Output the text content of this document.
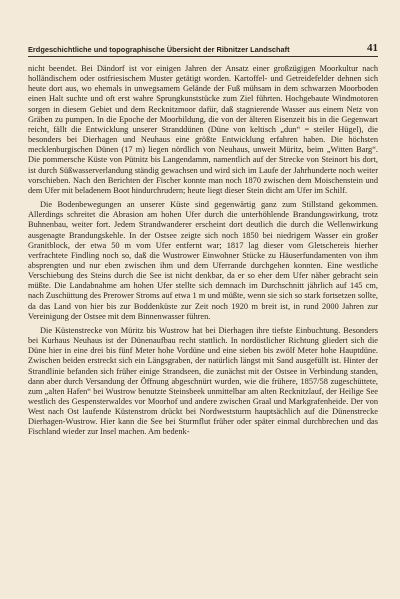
Erdgeschichtliche und topographische Übersicht der Ribnitzer Landschaft	41

nicht beendet. Bei Dändorf ist vor einigen Jahren der Ansatz einer großzügigen Moorkultur nach holländischem oder ostfriesischem Muster getätigt worden. Kartoffel- und Getreidefelder dehnen sich heute dort aus, wo ehemals in unwegsamem Gelände der Fuß mühsam in dem schwarzen Moorboden einen Halt suchte und oft erst wahre Sprungkunststücke zum Ziel führten. Hochgebaute Windmotoren sorgen in diesem Gebiet und dem Recknitzmoor dafür, daß stagnierende Wasser aus einem Netz von Gräben zu pumpen. In die Epoche der Moorbildung, die von der älteren Eisenzeit bis in die Gegenwart reicht, fällt die Entwicklung unserer Stranddünen (Düne von keltisch „dun“ = steiler Hügel), die besonders bei Dierhagen und Neuhaus eine größte Entwicklung erfahren haben. Die höchsten mecklenburgischen Dünen (17 m) liegen nördlich von Neuhaus, unweit Müritz, beim „Witten Barg“. Die pommersche Küste von Pütnitz bis Langendamm, namentlich auf der Strecke von Steinort bis dort, ist durch Süßwasserverlandung ständig gewachsen und wird sich im Laufe der Jahrhunderte noch weiter vorschieben. Nach den Berichten der Fischer konnte man noch 1870 zwischen dem Moischenstein und dem Ufer mit beladenem Boot hindurchrudern; heute liegt dieser Stein dicht am Ufer im Schilf.

Die Bodenbewegungen an unserer Küste sind gegenwärtig ganz zum Stillstand gekommen. Allerdings schreitet die Abrasion am hohen Ufer durch die unterhöhlende Brandungswirkung, trotz Buhnenbau, weiter fort. Jedem Strandwanderer erscheint dort deutlich die durch die Wellenwirkung ausgenagte Brandungskehle. In der Ostsee zeigte sich noch 1850 bei niedrigem Wasser ein großer Granitblock, der etwa 50 m vom Ufer entfernt war; 1817 lag dieser vom Gletschereis hierher verfrachtete Findling noch so, daß die Wustrower Einwohner Stücke zu Häuserfundamenten von ihm absprengten und nur eben zwischen ihm und dem Uferrande durchgehen konnten. Eine westliche Verschiebung des Steins durch die See ist nicht denkbar, da er so eher dem Ufer näher gebracht sein müßte. Die Landabnahme am hohen Ufer stellte sich demnach im Durchschnitt jährlich auf 145 cm, nach Zuschüttung des Prerower Stroms auf etwa 1 m und müßte, wenn sie sich so stark fortsetzen sollte, da das Land von hier bis zur Boddenküste zur Zeit noch 1920 m breit ist, in rund 2000 Jahren zur Vereinigung der Ostsee mit dem Binnenwasser führen.

Die Küstenstrecke von Müritz bis Wustrow hat bei Dierhagen ihre tiefste Einbuchtung. Besonders bei Kurhaus Neuhaus ist der Dünenaufbau recht stattlich. In nordöstlicher Richtung gliedert sich die Düne hier in eine drei bis fünf Meter hohe Vordüne und eine sieben bis zwölf Meter hohe Hauptdüne. Zwischen beiden erstreckt sich ein Längsgraben, der natürlich längst mit Sand ausgefüllt ist. Hinter der Strandlinie befanden sich früher einige Strandseen, die zunächst mit der Ostsee in Verbindung standen, dann aber durch Versandung der Öffnung abgeschnürt wurden, wie die frühere, 1857/58 zugeschüttete, zum „alten Hafen“ bei Wustrow benutzte Steinsbeek unmittelbar am alten Recknitzlauf, der Heilige See westlich des Gespensterwaldes vor Moorhof und andere zwischen Graal und Markgrafenheide. Der von West nach Ost laufende Küstenstrom drückt bei Nordweststurm hauptsächlich auf die Dünenstrecke Dierhagen-Wustrow. Hier kann die See bei Sturmflut früher oder später einmal durchbrechen und das Fischland wieder zur Insel machen. Am bedenk-
